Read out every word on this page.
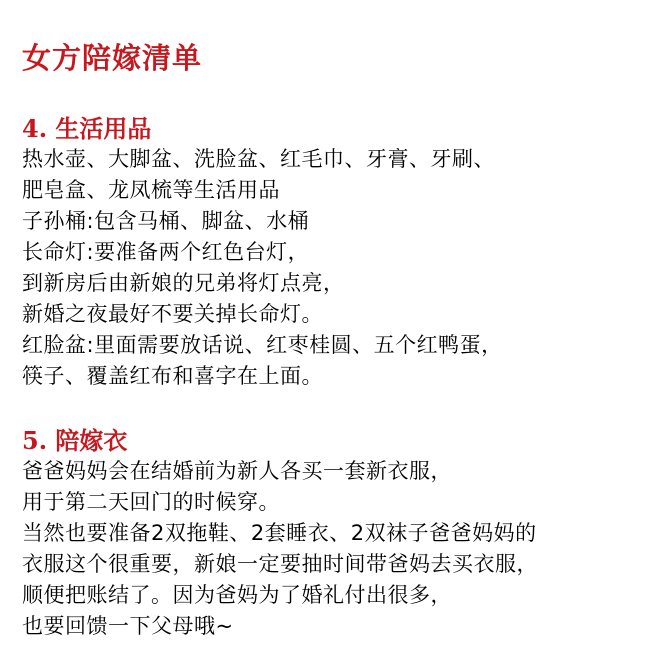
女方陪嫁清单
4. 生活用品
热水壶、大脚盆、洗脸盆、红毛巾、牙膏、牙刷、
肥皂盒、龙凤梳等生活用品
子孙桶:包含马桶、脚盆、水桶
长命灯:要准备两个红色台灯，
到新房后由新娘的兄弟将灯点亮，
新婚之夜最好不要关掉长命灯。
红脸盆:里面需要放话说、红枣桂圆、五个红鸭蛋，
筷子、覆盖红布和喜字在上面。
5. 陪嫁衣
爸爸妈妈会在结婚前为新人各买一套新衣服，
用于第二天回门的时候穿。
当然也要准备2双拖鞋、2套睡衣、2双袜子爸爸妈妈的
衣服这个很重要，新娘一定要抽时间带爸妈去买衣服，
顺便把账结了。因为爸妈为了婚礼付出很多，
也要回馈一下父母哦~
